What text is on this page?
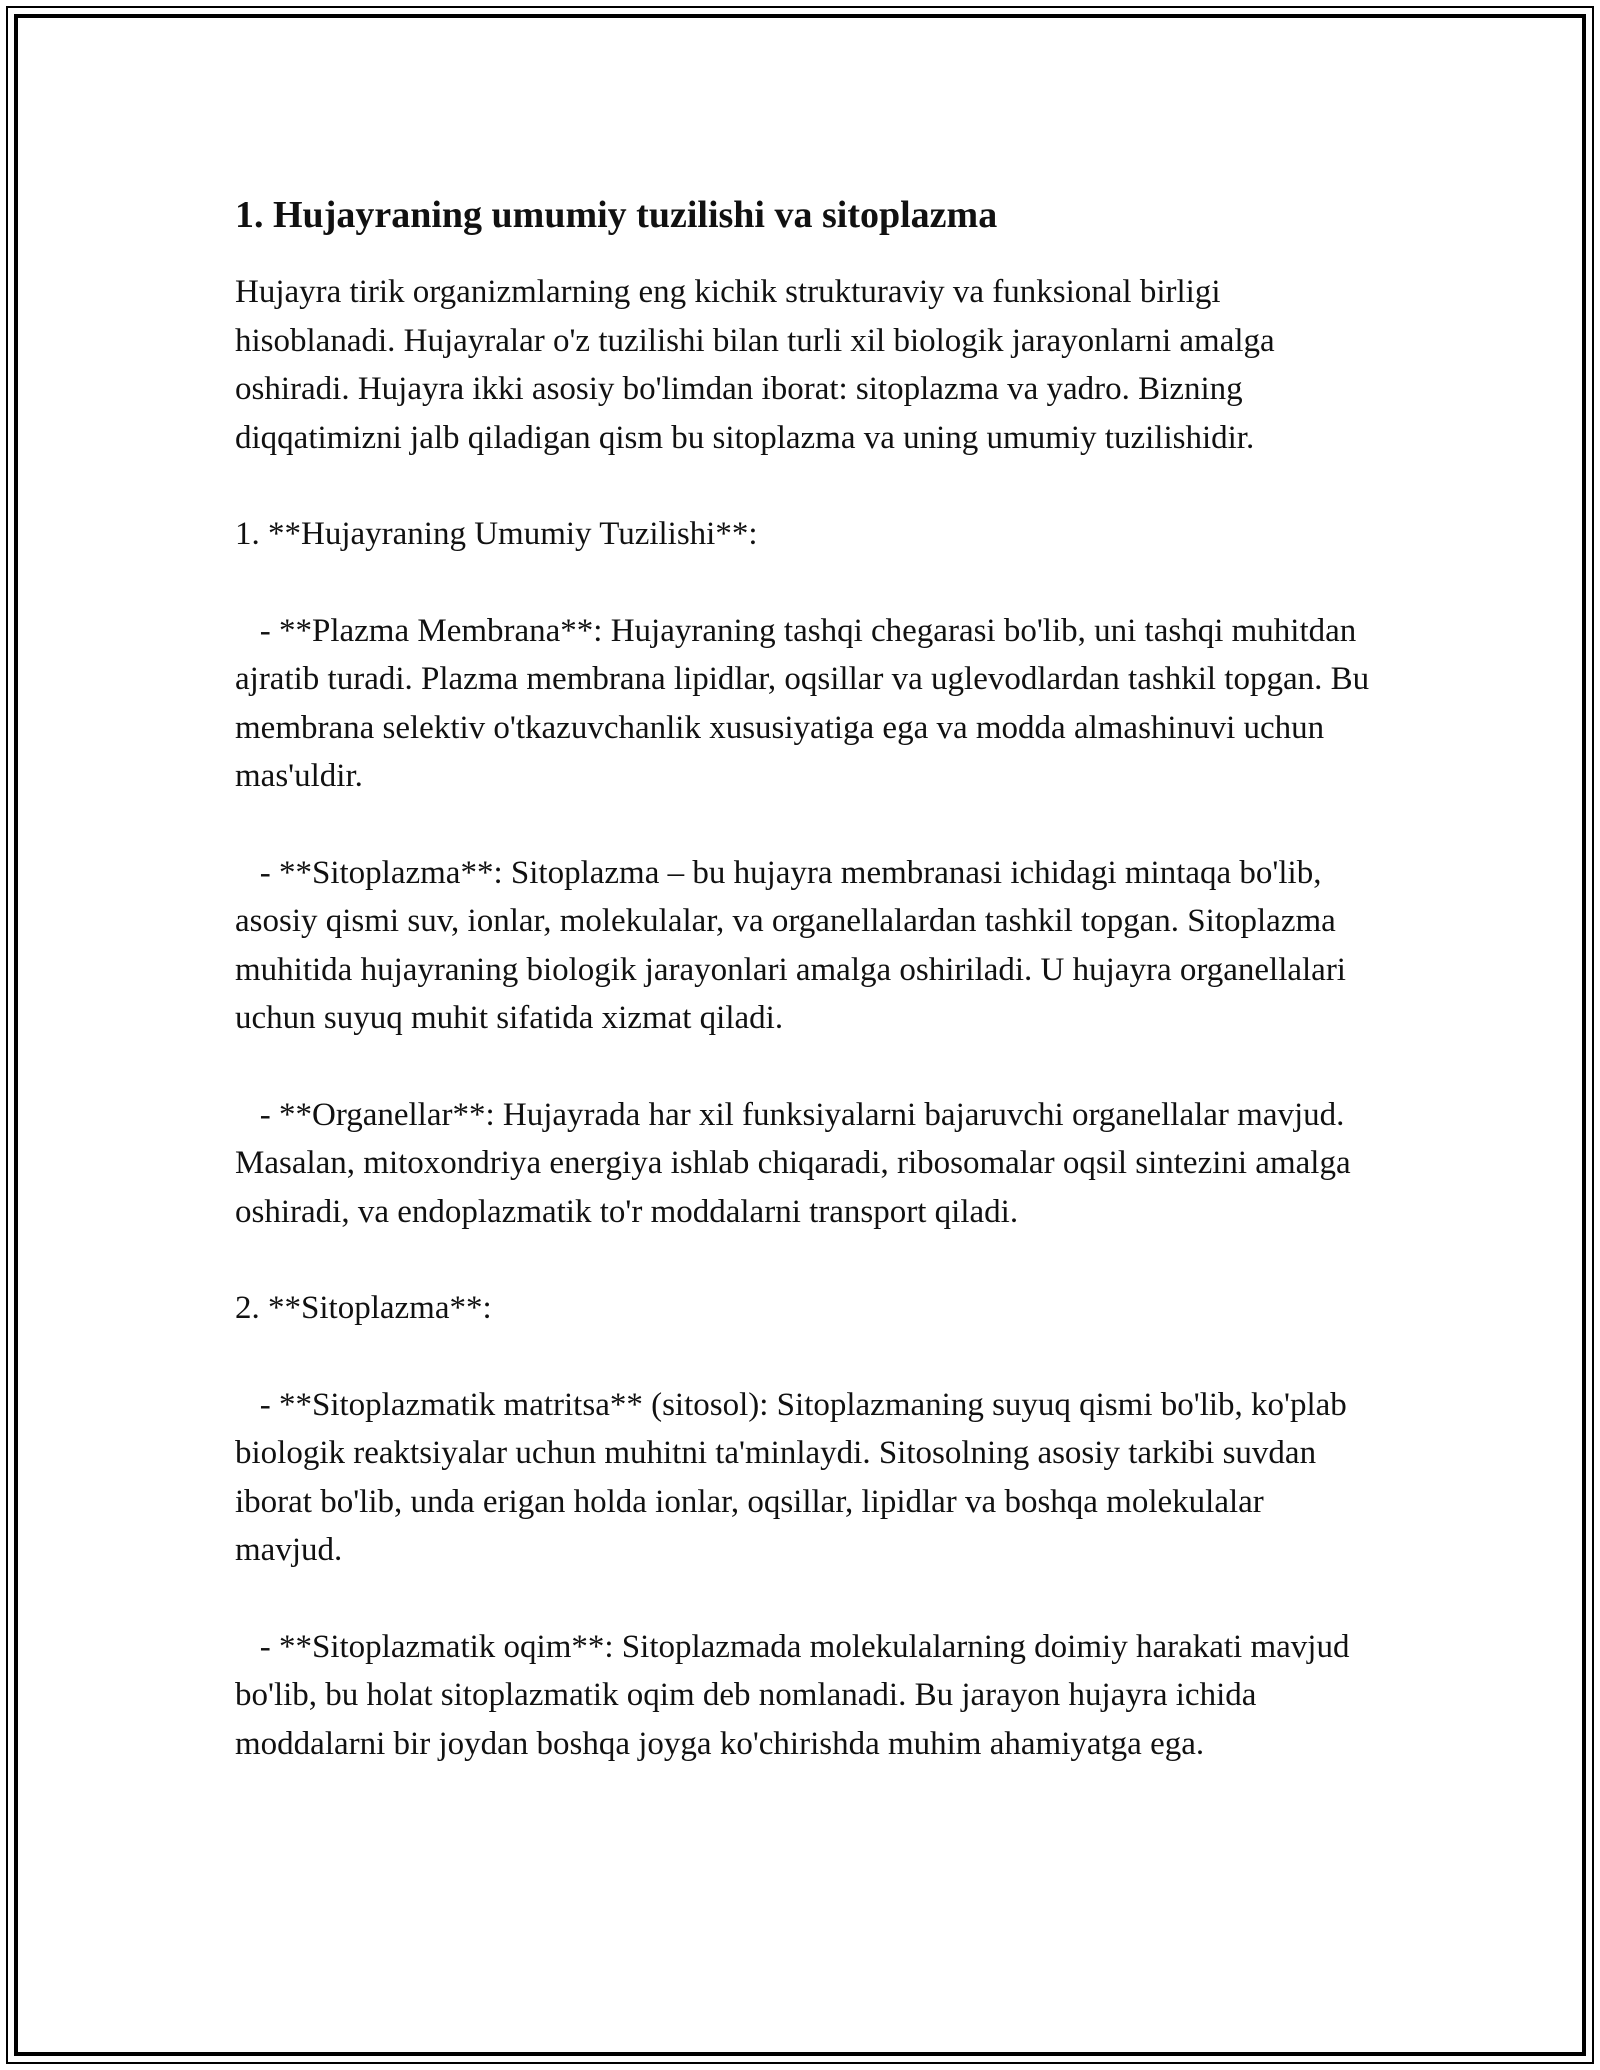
1. Hujayraning umumiy tuzilishi va sitoplazma

Hujayra tirik organizmlarning eng kichik strukturaviy va funksional birligi hisoblanadi. Hujayralar o'z tuzilishi bilan turli xil biologik jarayonlarni amalga oshiradi. Hujayra ikki asosiy bo'limdan iborat: sitoplazma va yadro. Bizning diqqatimizni jalb qiladigan qism bu sitoplazma va uning umumiy tuzilishidir.

1. **Hujayraning Umumiy Tuzilishi**:

- **Plazma Membrana**: Hujayraning tashqi chegarasi bo'lib, uni tashqi muhitdan ajratib turadi. Plazma membrana lipidlar, oqsillar va uglevodlardan tashkil topgan. Bu membrana selektiv o'tkazuvchanlik xususiyatiga ega va modda almashinuvi uchun mas'uldir.

- **Sitoplazma**: Sitoplazma – bu hujayra membranasi ichidagi mintaqa bo'lib, asosiy qismi suv, ionlar, molekulalar, va organellalardan tashkil topgan. Sitoplazma muhitida hujayraning biologik jarayonlari amalga oshiriladi. U hujayra organellalari uchun suyuq muhit sifatida xizmat qiladi.

- **Organellar**: Hujayrada har xil funksiyalarni bajaruvchi organellalar mavjud. Masalan, mitoxondriya energiya ishlab chiqaradi, ribosomalar oqsil sintezini amalga oshiradi, va endoplazmatik to'r moddalarni transport qiladi.

2. **Sitoplazma**:

- **Sitoplazmatik matritsa** (sitosol): Sitoplazmaning suyuq qismi bo'lib, ko'plab biologik reaktsiyalar uchun muhitni ta'minlaydi. Sitosolning asosiy tarkibi suvdan iborat bo'lib, unda erigan holda ionlar, oqsillar, lipidlar va boshqa molekulalar mavjud.

- **Sitoplazmatik oqim**: Sitoplazmada molekulalarning doimiy harakati mavjud bo'lib, bu holat sitoplazmatik oqim deb nomlanadi. Bu jarayon hujayra ichida moddalarni bir joydan boshqa joyga ko'chirishda muhim ahamiyatga ega.
